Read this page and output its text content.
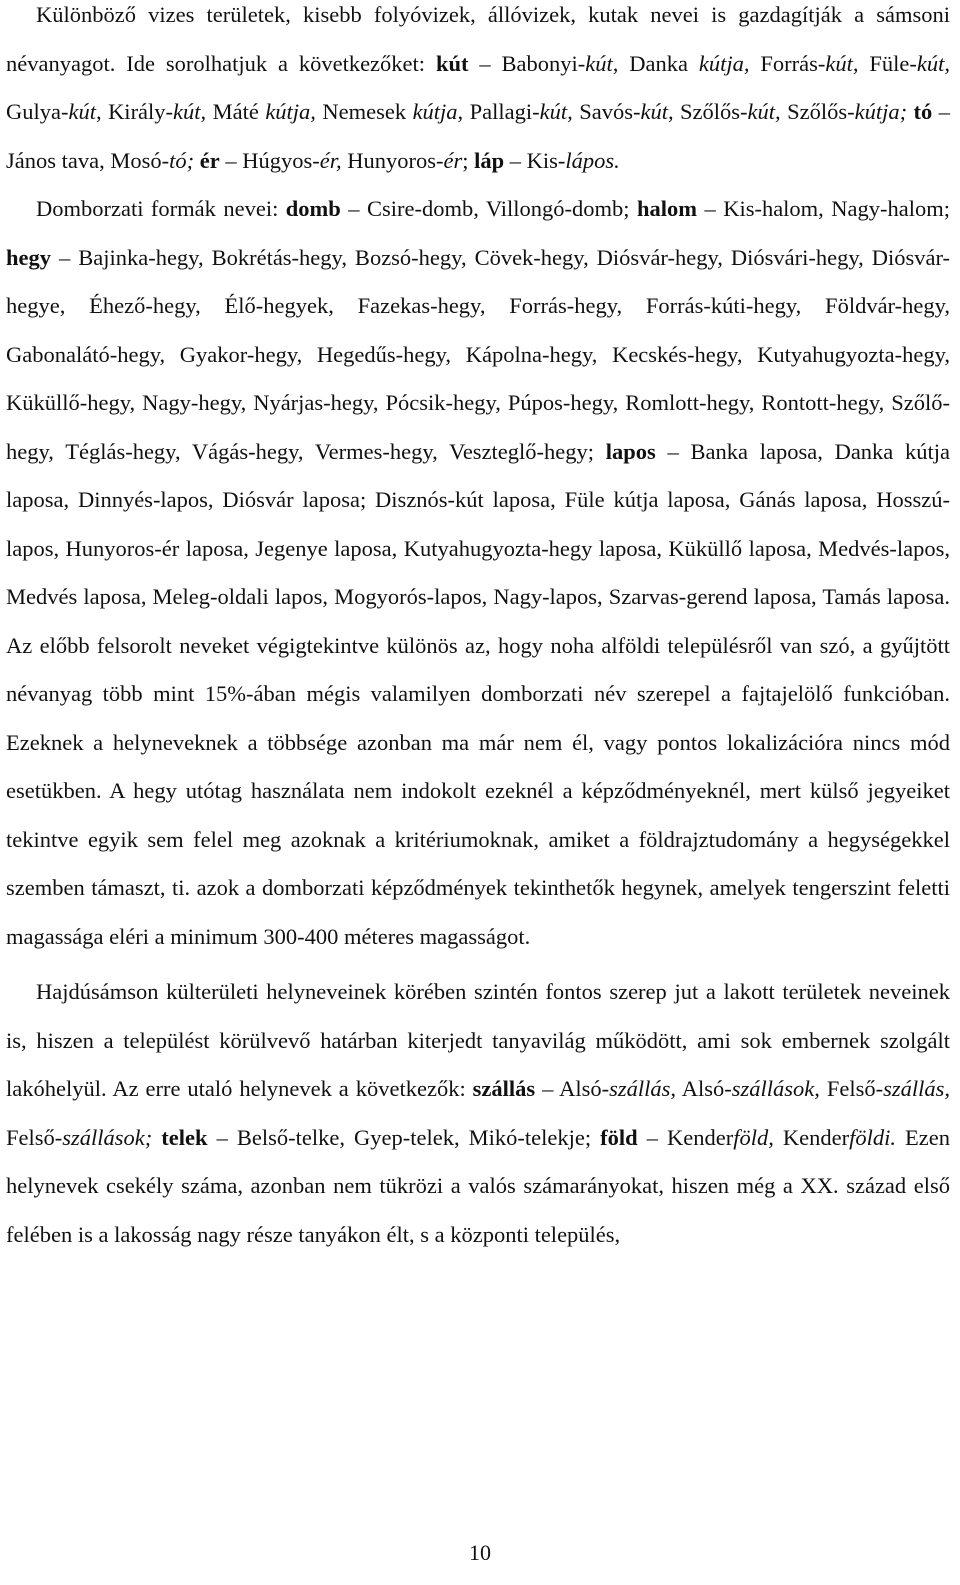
Különböző vizes területek, kisebb folyóvizek, állóvizek, kutak nevei is gazdagítják a sámsoni névanyagot. Ide sorolhatjuk a következőket: kút – Babonyi-kút, Danka kútja, Forrás-kút, Füle-kút, Gulya-kút, Király-kút, Máté kútja, Nemesek kútja, Pallagi-kút, Savós-kút, Szőlős-kút, Szőlős-kútja; tó – János tava, Mosó-tó; ér – Húgyos-ér, Hunyoros-ér; láp – Kis-lápos.

Domborzati formák nevei: domb – Csire-domb, Villongó-domb; halom – Kis-halom, Nagy-halom; hegy – Bajinka-hegy, Bokrétás-hegy, Bozsó-hegy, Cövek-hegy, Diósvár-hegy, Diósvári-hegy, Diósvár-hegye, Éhező-hegy, Élő-hegyek, Fazekas-hegy, Forrás-hegy, Forrás-kúti-hegy, Földvár-hegy, Gabonalátó-hegy, Gyakor-hegy, Hegedűs-hegy, Kápolna-hegy, Kecskés-hegy, Kutyahugyozta-hegy, Küküllő-hegy, Nagy-hegy, Nyárjas-hegy, Pócsik-hegy, Púpos-hegy, Romlott-hegy, Rontott-hegy, Szőlő-hegy, Téglás-hegy, Vágás-hegy, Vermes-hegy, Veszteglő-hegy; lapos – Banka laposa, Danka kútja laposa, Dinnyés-lapos, Diósvár laposa; Disznós-kút laposa, Füle kútja laposa, Gánás laposa, Hosszú-lapos, Hunyoros-ér laposa, Jegenye laposa, Kutyahugyozta-hegy laposa, Küküllő laposa, Medvés-lapos, Medvés laposa, Meleg-oldali lapos, Mogyorós-lapos, Nagy-lapos, Szarvas-gerend laposa, Tamás laposa. Az előbb felsorolt neveket végigtekintve különös az, hogy noha alföldi településről van szó, a gyűjtött névanyag több mint 15%-ában mégis valamilyen domborzati név szerepel a fajtajelölő funkcióban. Ezeknek a helyneveknek a többsége azonban ma már nem él, vagy pontos lokalizációra nincs mód esetükben. A hegy utótag használata nem indokolt ezeknél a képződményeknél, mert külső jegyeiket tekintve egyik sem felel meg azoknak a kritériumoknak, amiket a földrajztudomány a hegységekkel szemben támaszt, ti. azok a domborzati képződmények tekinthetők hegynek, amelyek tengerszint feletti magassága eléri a minimum 300-400 méteres magasságot.

Hajdúsámson külterületi helyneveinek körében szintén fontos szerep jut a lakott területek neveinek is, hiszen a települést körülvevő határban kiterjedt tanyavilág működött, ami sok embernek szolgált lakóhelyül. Az erre utaló helynevek a következők: szállás – Alsó-szállás, Alsó-szállások, Felső-szállás, Felső-szállások; telek – Belső-telke, Gyep-telek, Mikó-telekje; föld – Kenderföld, Kenderföldi. Ezen helynevek csekély száma, azonban nem tükrözi a valós számarányokat, hiszen még a XX. század első felében is a lakosság nagy része tanyákon élt, s a központi település,

10
